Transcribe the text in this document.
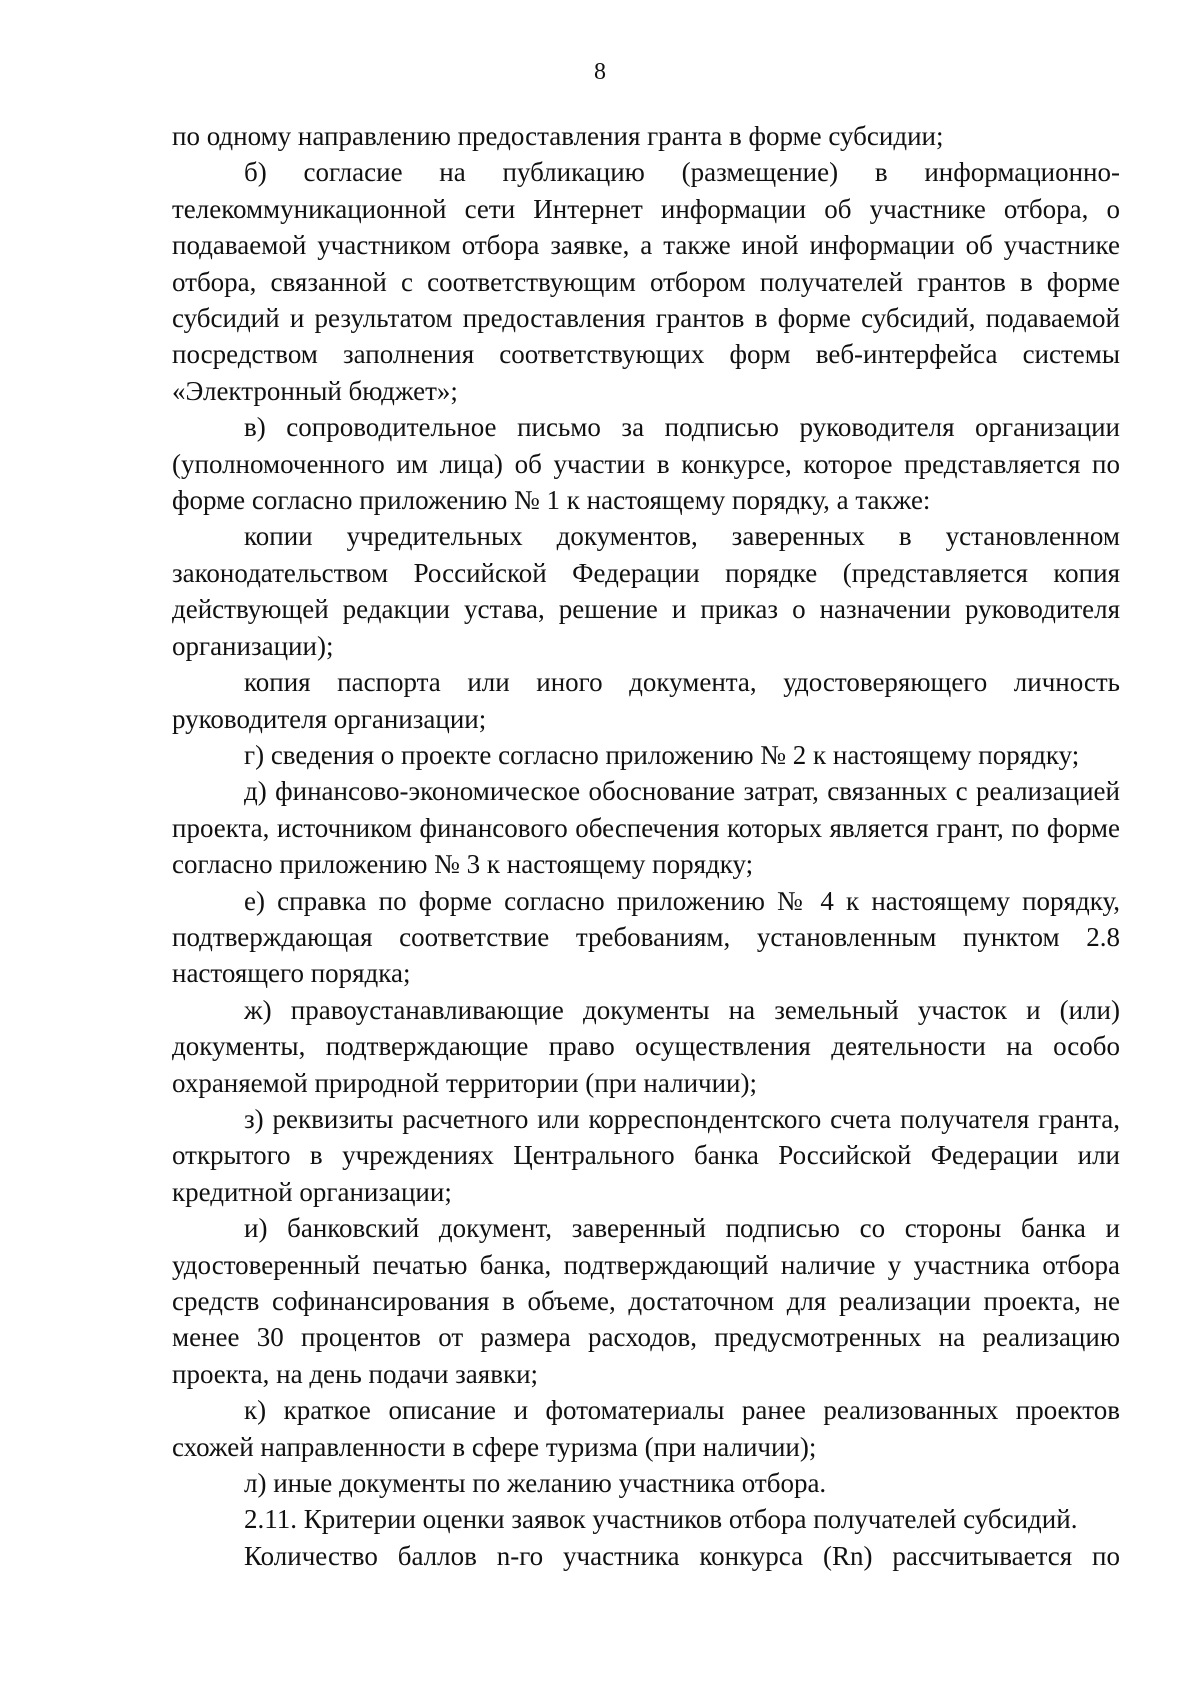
8

по одному направлению предоставления гранта в форме субсидии;

б) согласие на публикацию (размещение) в информационно-телекоммуникационной сети Интернет информации об участнике отбора, о подаваемой участником отбора заявке, а также иной информации об участнике отбора, связанной с соответствующим отбором получателей грантов в форме субсидий и результатом предоставления грантов в форме субсидий, подаваемой посредством заполнения соответствующих форм веб-интерфейса системы «Электронный бюджет»;

в) сопроводительное письмо за подписью руководителя организации (уполномоченного им лица) об участии в конкурсе, которое представляется по форме согласно приложению № 1 к настоящему порядку, а также:

копии учредительных документов, заверенных в установленном законодательством Российской Федерации порядке (представляется копия действующей редакции устава, решение и приказ о назначении руководителя организации);

копия паспорта или иного документа, удостоверяющего личность руководителя организации;

г) сведения о проекте согласно приложению № 2 к настоящему порядку;

д) финансово-экономическое обоснование затрат, связанных с реализацией проекта, источником финансового обеспечения которых является грант, по форме согласно приложению № 3 к настоящему порядку;

е) справка по форме согласно приложению № 4 к настоящему порядку, подтверждающая соответствие требованиям, установленным пунктом 2.8 настоящего порядка;

ж) правоустанавливающие документы на земельный участок и (или) документы, подтверждающие право осуществления деятельности на особо охраняемой природной территории (при наличии);

з) реквизиты расчетного или корреспондентского счета получателя гранта, открытого в учреждениях Центрального банка Российской Федерации или кредитной организации;

и) банковский документ, заверенный подписью со стороны банка и удостоверенный печатью банка, подтверждающий наличие у участника отбора средств софинансирования в объеме, достаточном для реализации проекта, не менее 30 процентов от размера расходов, предусмотренных на реализацию проекта, на день подачи заявки;

к) краткое описание и фотоматериалы ранее реализованных проектов схожей направленности в сфере туризма (при наличии);

л) иные документы по желанию участника отбора.

2.11. Критерии оценки заявок участников отбора получателей субсидий.

Количество баллов n-го участника конкурса (Rn) рассчитывается по
